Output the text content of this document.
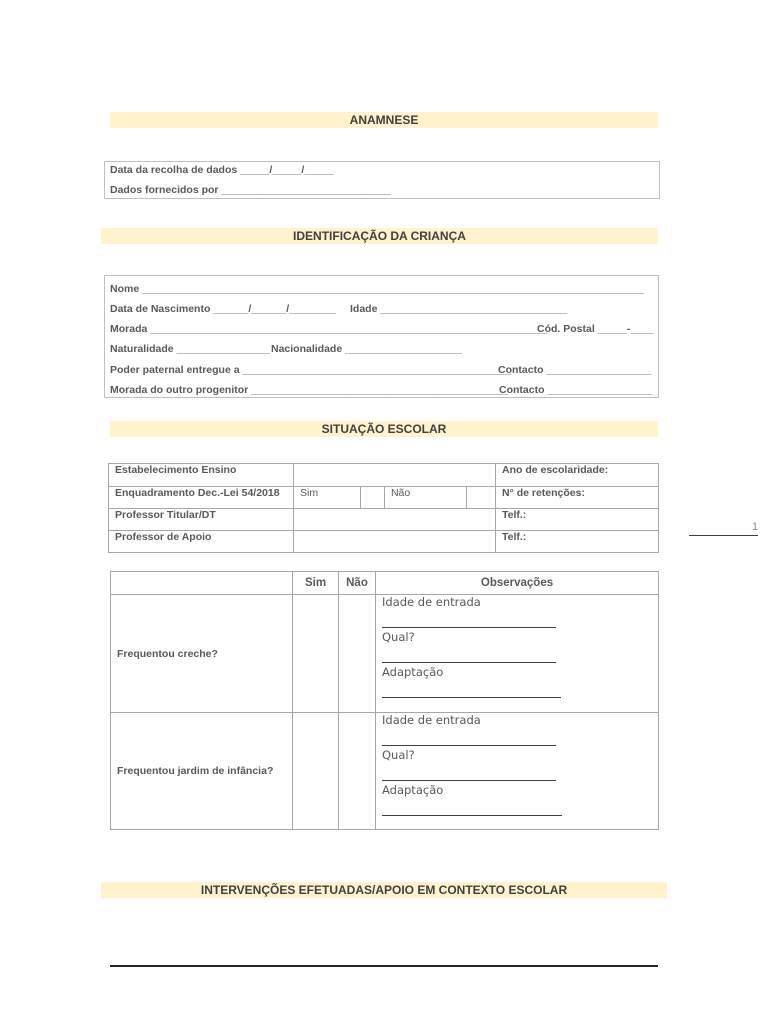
ANAMNESE
Data da recolha de dados _____/_____/_____
Dados fornecidos por _____________________________
IDENTIFICAÇÃO DA CRIANÇA
Nome ______________________________________________________________________________________
Data de Nascimento ______/______/________ Idade ________________________________
Morada ____________________________________________________________________
Cód. Postal _____-____
Naturalidade ________________ Nacionalidade ____________________
Poder paternal entregue a ______________________________________________
Contacto __________________
Morada do outro progenitor ____________________________________________
Contacto __________________
SITUAÇÃO ESCOLAR
Estabelecimento Ensino					Ano de escolaridade:
Enquadramento Dec.-Lei 54/2018	Sim		Não		N° de retenções:
Professor Titular/DT					Telf.:
Professor de Apoio					Telf.:
	Sim	Não	Observações
Frequentou creche?			Idade de entrada
Qual?
Adaptação

Frequentou jardim de infância?			Idade de entrada
Qual?
Adaptação
INTERVENÇÕES EFETUADAS/APOIO EM CONTEXTO ESCOLAR
1
